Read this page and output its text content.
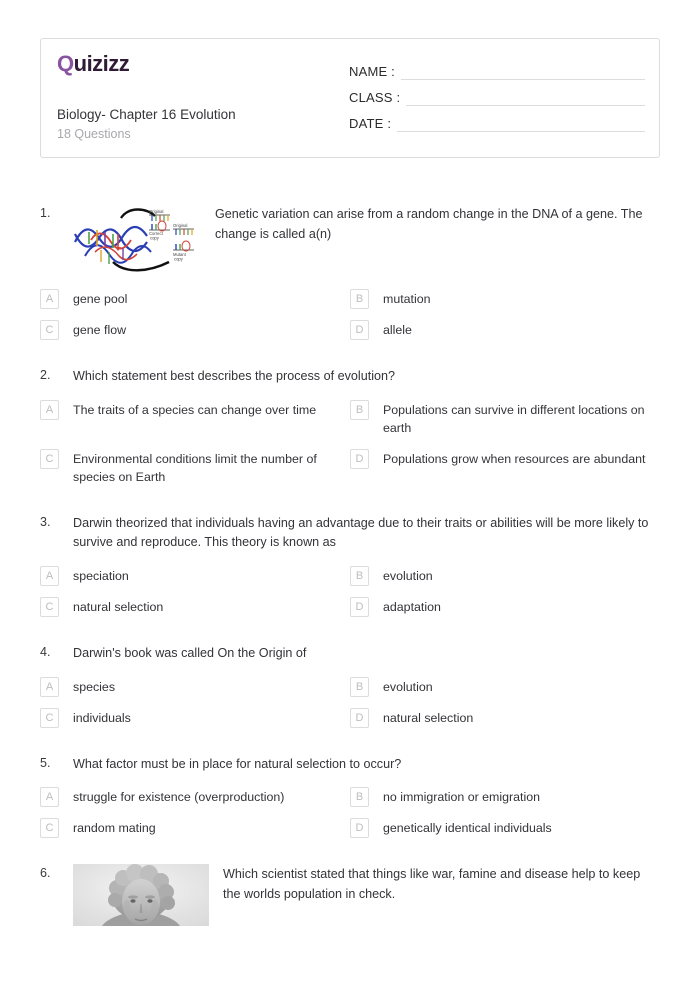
Q uizizz
Biology- Chapter 16 Evolution
18 Questions
NAME :
CLASS :
DATE :
1.	Original
Correct
copy
Original
Mutant
copy
Genetic variation can arise from a random change in the DNA of a gene. The change is called a(n)
A	gene pool	B	mutation
C	gene flow	D	allele
2.	Which statement best describes the process of evolution?
A	The traits of a species can change over time	B	Populations can survive in different locations on earth
C	Environmental conditions limit the number of species on Earth
D	Populations grow when resources are abundant
3.	Darwin theorized that individuals having an advantage due to their traits or abilities will be more likely to survive and reproduce. This theory is known as
A	speciation	B	evolution
C	natural selection	D	adaptation
4.	Darwin's book was called On the Origin of
A	species	B	evolution
C	individuals	D	natural selection
5.	What factor must be in place for natural selection to occur?
A	struggle for existence (overproduction)	B	no immigration or emigration
C	random mating	D	genetically identical individuals
6.	Which scientist stated that things like war, famine and disease help to keep the worlds population in check.
